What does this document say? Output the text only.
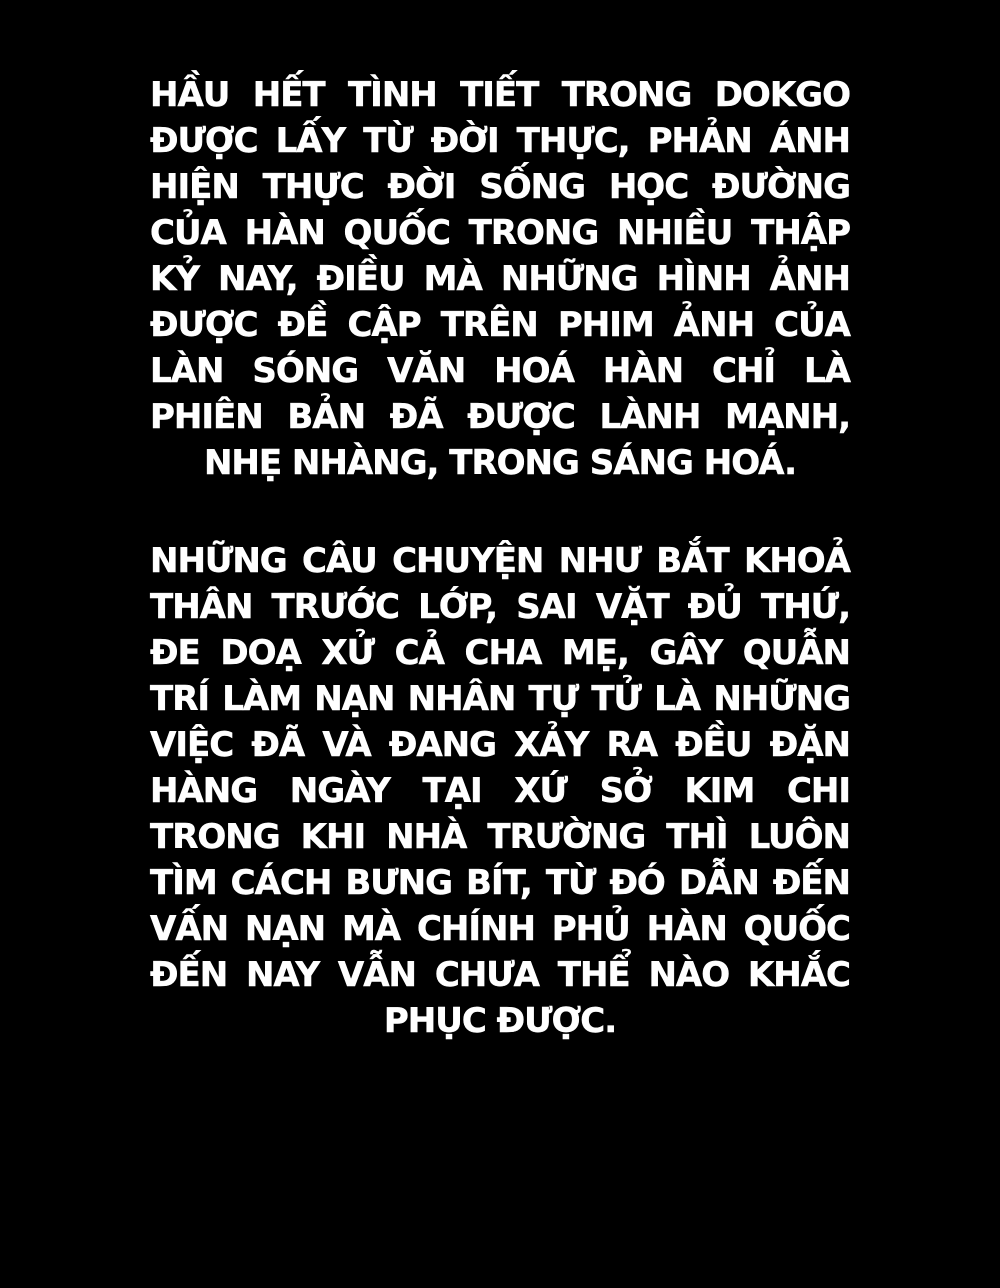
HẦU HẾT TÌNH TIẾT TRONG DOKGO
ĐƯỢC LẤY TỪ ĐỜI THỰC, PHẢN ÁNH
HIỆN THỰC ĐỜI SỐNG HỌC ĐƯỜNG
CỦA HÀN QUỐC TRONG NHIỀU THẬP
KỶ NAY, ĐIỀU MÀ NHỮNG HÌNH ẢNH
ĐƯỢC ĐỀ CẬP TRÊN PHIM ẢNH CỦA
LÀN SÓNG VĂN HOÁ HÀN CHỈ LÀ
PHIÊN BẢN ĐÃ ĐƯỢC LÀNH MẠNH,
NHẸ NHÀNG, TRONG SÁNG HOÁ.
NHỮNG CÂU CHUYỆN NHƯ BẮT KHOẢ
THÂN TRƯỚC LỚP, SAI VẶT ĐỦ THỨ,
ĐE DOẠ XỬ CẢ CHA MẸ, GÂY QUẪN
TRÍ LÀM NẠN NHÂN TỰ TỬ LÀ NHỮNG
VIỆC ĐÃ VÀ ĐANG XẢY RA ĐỀU ĐẶN
HÀNG NGÀY TẠI XỨ SỞ KIM CHI
TRONG KHI NHÀ TRƯỜNG THÌ LUÔN
TÌM CÁCH BƯNG BÍT, TỪ ĐÓ DẪN ĐẾN
VẤN NẠN MÀ CHÍNH PHỦ HÀN QUỐC
ĐẾN NAY VẪN CHƯA THỂ NÀO KHẮC
PHỤC ĐƯỢC.
